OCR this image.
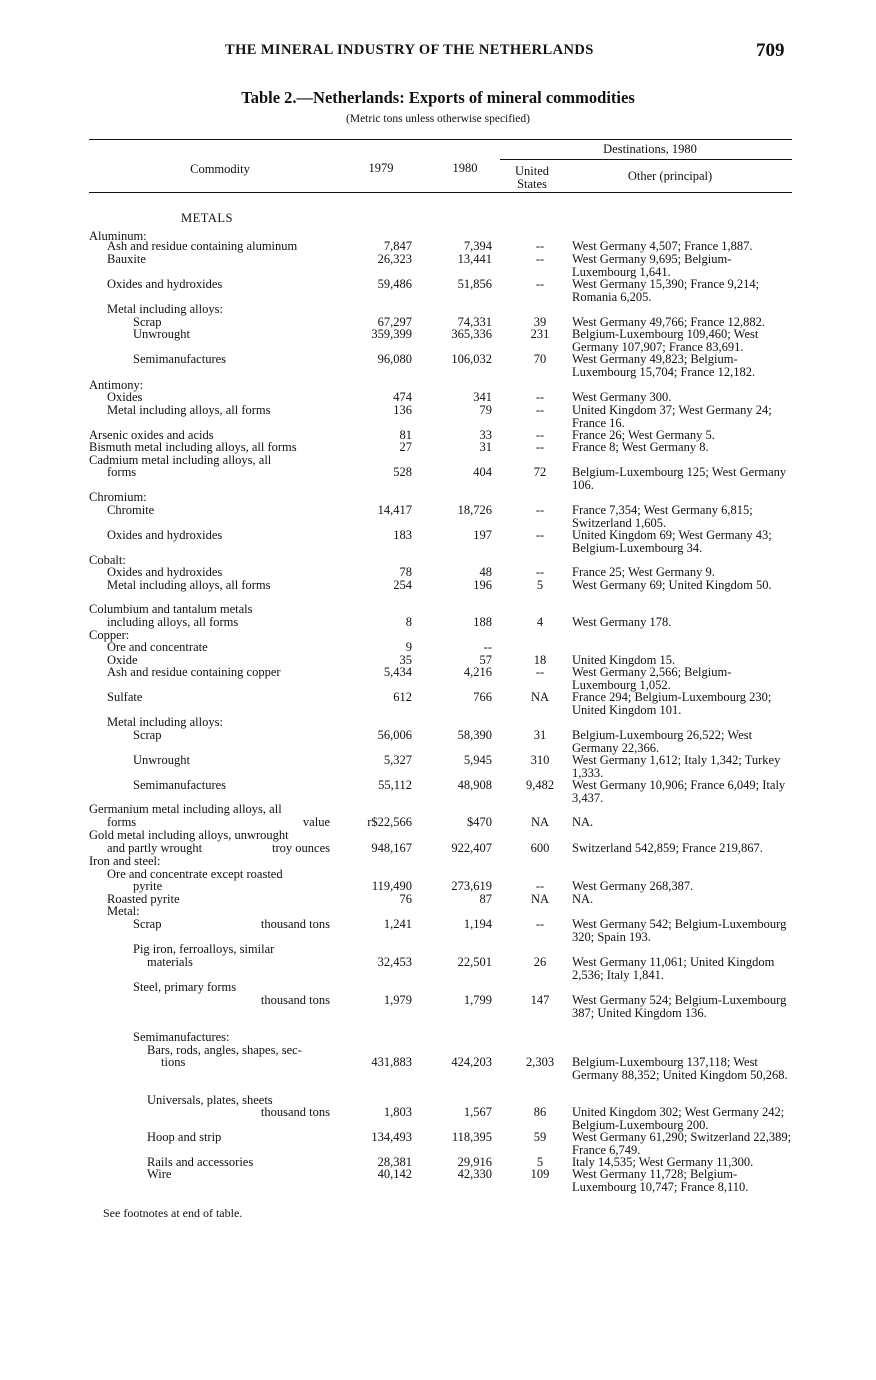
THE MINERAL INDUSTRY OF THE NETHERLANDS	709
Table 2.—Netherlands: Exports of mineral commodities
(Metric tons unless otherwise specified)
Destinations, 1980
Commodity	1979	1980	United States
Other (principal)
METALS
Aluminum:
Ash and residue containing aluminum	7,847	7,394	--	West Germany 4,507; France 1,887.
Bauxite	26,323	13,441	--	West Germany 9,695; Belgium-Luxembourg 1,641.
Oxides and hydroxides	59,486	51,856	--	West Germany 15,390; France 9,214; Romania 6,205.
Metal including alloys:
Scrap	67,297	74,331	39	West Germany 49,766; France 12,882.
Unwrought	359,399	365,336	231	Belgium-Luxembourg 109,460; West Germany 107,907; France 83,691.
Semimanufactures	96,080	106,032	70	West Germany 49,823; Belgium-Luxembourg 15,704; France 12,182.
Antimony:
Oxides	474	341	--	West Germany 300.
Metal including alloys, all forms	136	79	--	United Kingdom 37; West Germany 24; France 16.
Arsenic oxides and acids	81	33	--	France 26; West Germany 5.
Bismuth metal including alloys, all forms	27	31	--	France 8; West Germany 8.
Cadmium metal including alloys, all
forms	528	404	72	Belgium-Luxembourg 125; West Germany 106.
Chromium:
Chromite	14,417	18,726	--	France 7,354; West Germany 6,815; Switzerland 1,605.
Oxides and hydroxides	183	197	--	United Kingdom 69; West Germany 43; Belgium-Luxembourg 34.
Cobalt:
Oxides and hydroxides	78	48	--	France 25; West Germany 9.
Metal including alloys, all forms	254	196	5	West Germany 69; United Kingdom 50.
Columbium and tantalum metals
including alloys, all forms	8	188	4	West Germany 178.
Copper:
Ore and concentrate	9	--
Oxide	35	57	18	United Kingdom 15.
Ash and residue containing copper	5,434	4,216	--	West Germany 2,566; Belgium-Luxembourg 1,052.
Sulfate	612	766	NA	France 294; Belgium-Luxembourg 230; United Kingdom 101.
Metal including alloys:
Scrap	56,006	58,390	31	Belgium-Luxembourg 26,522; West Germany 22,366.
Unwrought	5,327	5,945	310	West Germany 1,612; Italy 1,342; Turkey 1,333.
Semimanufactures	55,112	48,908	9,482	West Germany 10,906; France 6,049; Italy 3,437.
Germanium metal including alloys, all
forms	value	r$22,566	$470	NA	NA.
Gold metal including alloys, unwrought
and partly wrought	troy ounces	948,167	922,407	600	Switzerland 542,859; France 219,867.
Iron and steel:
Ore and concentrate except roasted
pyrite	119,490	273,619	--	West Germany 268,387.
Roasted pyrite	76	87	NA	NA.
Metal:
Scrap	thousand tons	1,241	1,194	--	West Germany 542; Belgium-Luxembourg 320; Spain 193.
Pig iron, ferroalloys, similar
materials	32,453	22,501	26	West Germany 11,061; United Kingdom 2,536; Italy 1,841.
Steel, primary forms
thousand tons	1,979	1,799	147	West Germany 524; Belgium-Luxembourg 387; United Kingdom 136.
Semimanufactures:
Bars, rods, angles, shapes, sec-
tions	431,883	424,203	2,303	Belgium-Luxembourg 137,118; West Germany 88,352; United Kingdom 50,268.
Universals, plates, sheets
thousand tons	1,803	1,567	86	United Kingdom 302; West Germany 242; Belgium-Luxembourg 200.
Hoop and strip	134,493	118,395	59	West Germany 61,290; Switzerland 22,389; France 6,749.
Rails and accessories	28,381	29,916	5	Italy 14,535; West Germany 11,300.
Wire	40,142	42,330	109	West Germany 11,728; Belgium-Luxembourg 10,747; France 8,110.
See footnotes at end of table.
